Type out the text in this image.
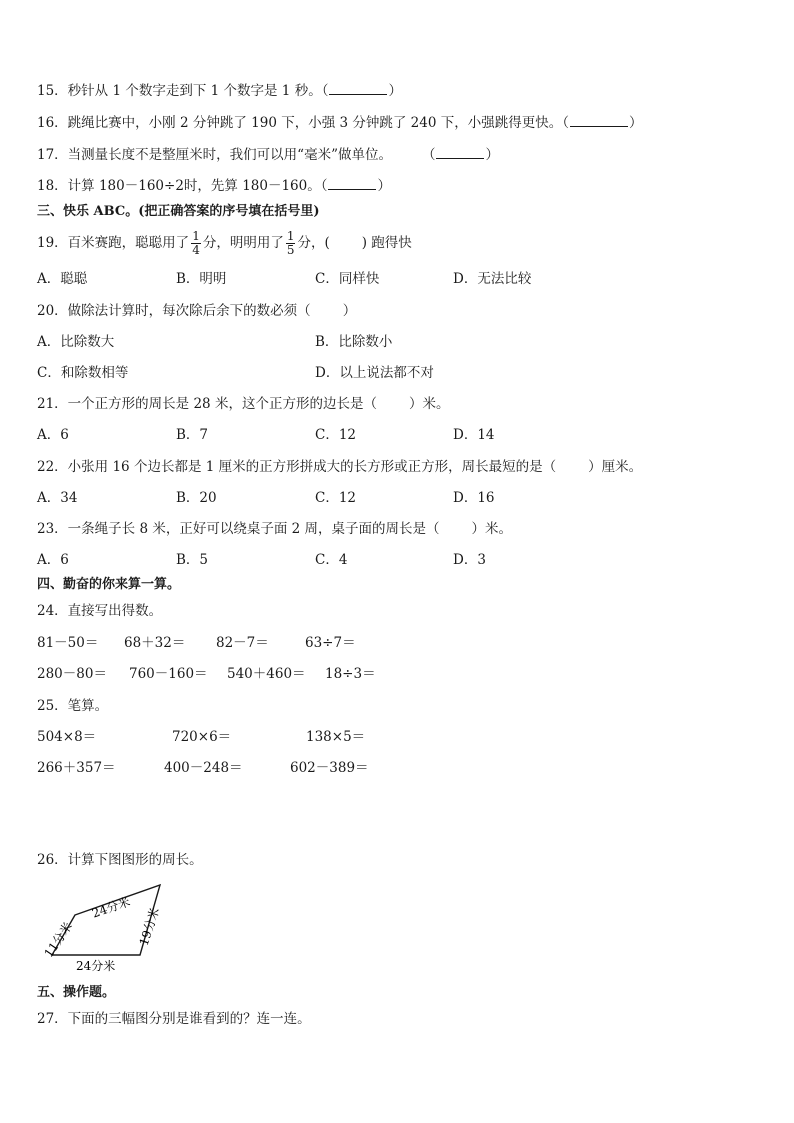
15．秒针从 1 个数字走到下 1 个数字是 1 秒。（	）
16．跳绳比赛中，小刚 2 分钟跳了 190 下，小强 3 分钟跳了 240 下，小强跳得更快。（	）
17．当测量长度不是整厘米时，我们可以用“毫米”做单位。 （	）
18．计算 180－160÷2时，先算 180－160。（	）
三、快乐 ABC。(把正确答案的序号填在括号里)
19．百米赛跑，聪聪用了 $\frac{1}{4}$ 分，明明用了 $\frac{1}{5}$ 分，( ) 跑得快
A．聪聪	B．明明	C．同样快	D．无法比较
20．做除法计算时，每次除后余下的数必须（ ）
A．比除数大	B．比除数小
C．和除数相等	D．以上说法都不对
21．一个正方形的周长是 28 米，这个正方形的边长是（ ）米。
A．6	B．7	C．12	D．14
22．小张用 16 个边长都是 1 厘米的正方形拼成大的长方形或正方形，周长最短的是（ ）厘米。
A．34	B．20	C．12	D．16
23．一条绳子长 8 米，正好可以绕桌子面 2 周，桌子面的周长是（ ）米。
A．6	B．5	C．4	D．3
四、勤奋的你来算一算。
24．直接写出得数。
81－50＝ 68＋32＝ 82－7＝	63÷7＝
280－80＝ 760－160＝ 540＋460＝ 18÷3＝
25．笔算。
504×8＝	720×6＝	138×5＝
266＋357＝	400－248＝	602－389＝
26．计算下图图形的周长。
24分米
11分米	19分米
24分米
五、操作题。
27．下面的三幅图分别是谁看到的？连一连。
